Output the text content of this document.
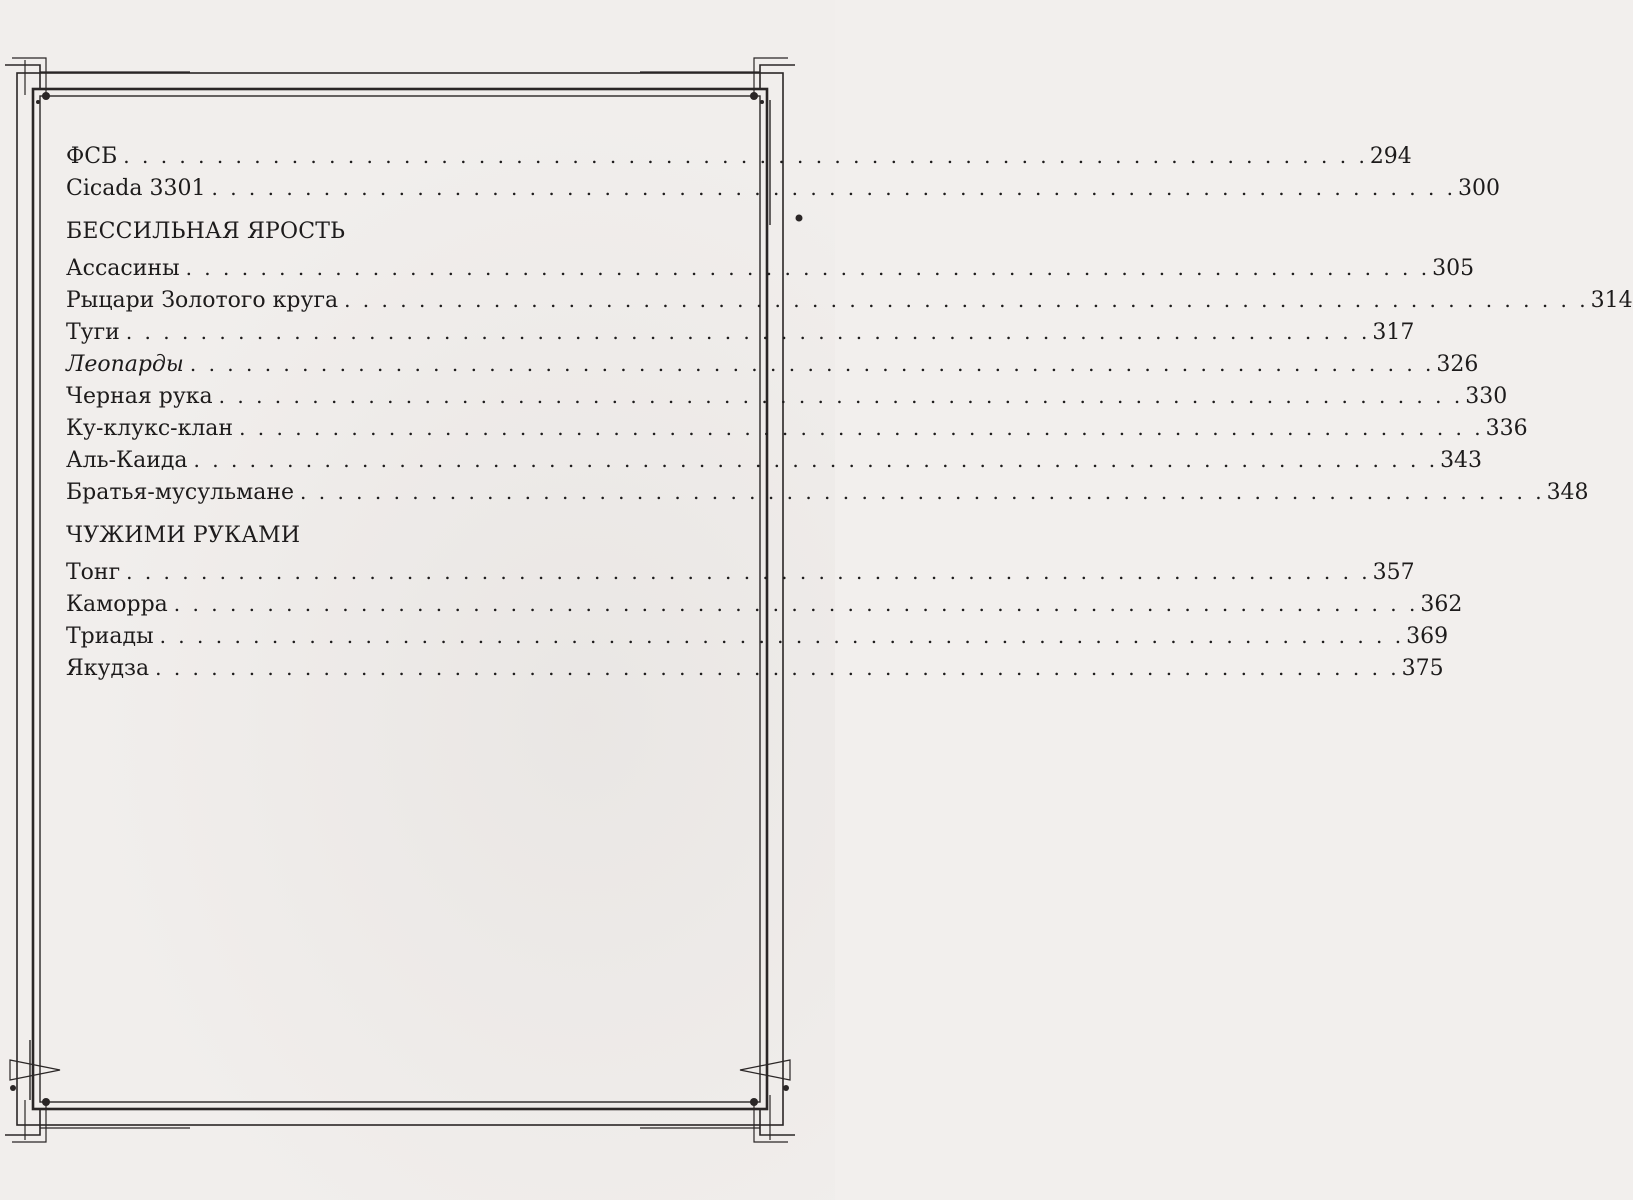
ФСБ . . . . . . . . . . . . . . . . . . . . . . . . . . . . . . . . . . . . . . . . . . . . . . . . . . . . . . . . . . . . . . . . . . . 294
Cicada 3301 . . . . . . . . . . . . . . . . . . . . . . . . . . . . . . . . . . . . . . . . . . . . . . . . . . . . . . . . . . . . . . . . . . . 300
БЕССИЛЬНАЯ ЯРОСТЬ
Ассасины . . . . . . . . . . . . . . . . . . . . . . . . . . . . . . . . . . . . . . . . . . . . . . . . . . . . . . . . . . . . . . . . . . . 305
Рыцари Золотого круга . . . . . . . . . . . . . . . . . . . . . . . . . . . . . . . . . . . . . . . . . . . . . . . . . . . . . . . . . . . . . . . . . . . 314
Туги . . . . . . . . . . . . . . . . . . . . . . . . . . . . . . . . . . . . . . . . . . . . . . . . . . . . . . . . . . . . . . . . . . . 317
Леопарды . . . . . . . . . . . . . . . . . . . . . . . . . . . . . . . . . . . . . . . . . . . . . . . . . . . . . . . . . . . . . . . . . . . 326
Черная рука . . . . . . . . . . . . . . . . . . . . . . . . . . . . . . . . . . . . . . . . . . . . . . . . . . . . . . . . . . . . . . . . . . . 330
Ку-клукс-клан . . . . . . . . . . . . . . . . . . . . . . . . . . . . . . . . . . . . . . . . . . . . . . . . . . . . . . . . . . . . . . . . . . . 336
Аль-Каида . . . . . . . . . . . . . . . . . . . . . . . . . . . . . . . . . . . . . . . . . . . . . . . . . . . . . . . . . . . . . . . . . . . 343
Братья-мусульмане . . . . . . . . . . . . . . . . . . . . . . . . . . . . . . . . . . . . . . . . . . . . . . . . . . . . . . . . . . . . . . . . . . . 348
ЧУЖИМИ РУКАМИ
Тонг . . . . . . . . . . . . . . . . . . . . . . . . . . . . . . . . . . . . . . . . . . . . . . . . . . . . . . . . . . . . . . . . . . . 357
Каморра . . . . . . . . . . . . . . . . . . . . . . . . . . . . . . . . . . . . . . . . . . . . . . . . . . . . . . . . . . . . . . . . . . . 362
Триады . . . . . . . . . . . . . . . . . . . . . . . . . . . . . . . . . . . . . . . . . . . . . . . . . . . . . . . . . . . . . . . . . . . 369
Якудза . . . . . . . . . . . . . . . . . . . . . . . . . . . . . . . . . . . . . . . . . . . . . . . . . . . . . . . . . . . . . . . . . . . 375
